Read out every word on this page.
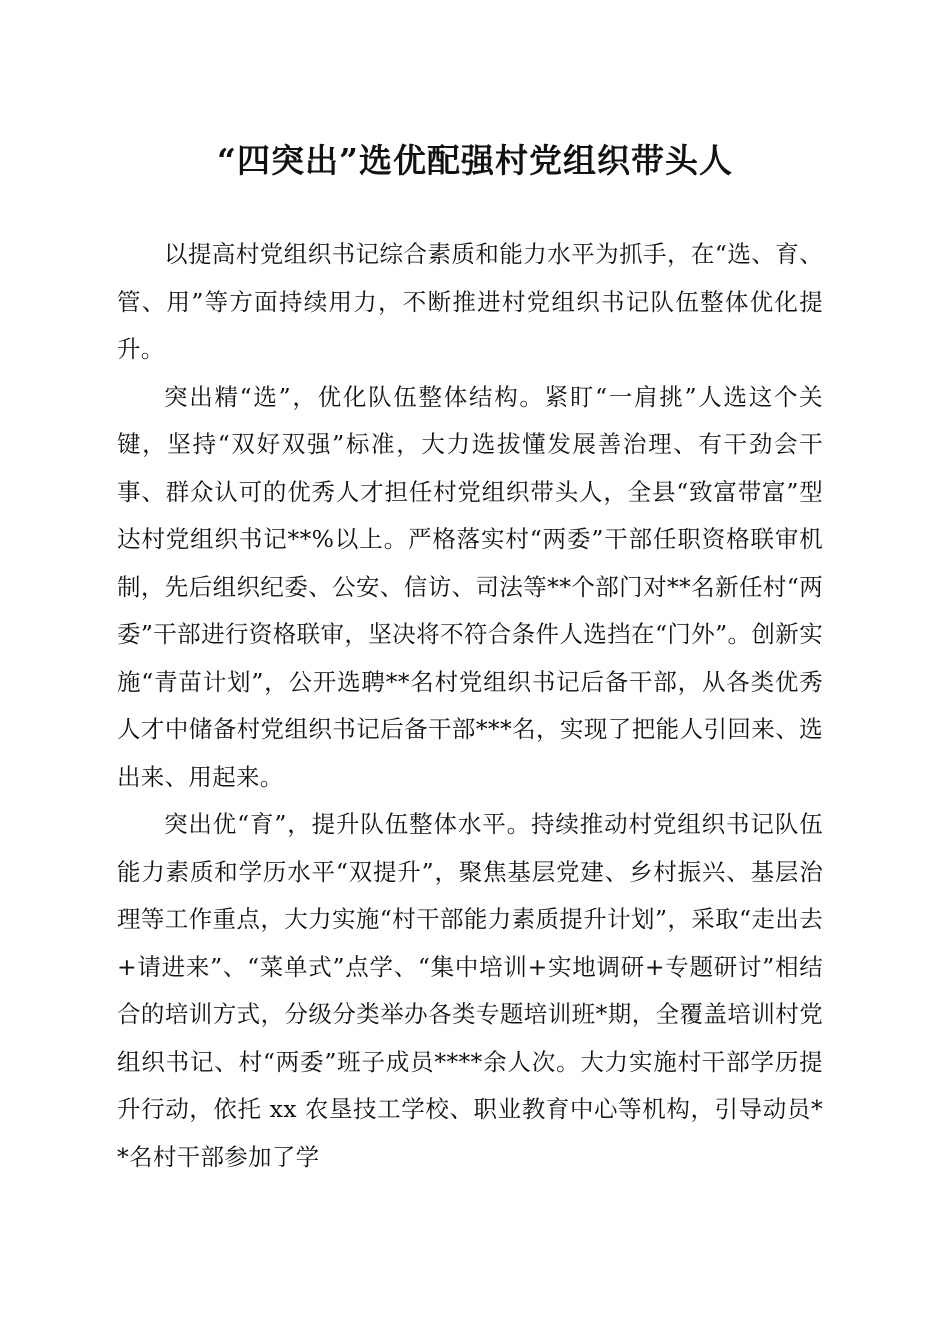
“四突出”选优配强村党组织带头人

以提高村党组织书记综合素质和能力水平为抓手，在“选、育、管、用”等方面持续用力，不断推进村党组织书记队伍整体优化提升。

突出精“选”，优化队伍整体结构。紧盯“一肩挑”人选这个关键，坚持“双好双强”标准，大力选拔懂发展善治理、有干劲会干事、群众认可的优秀人才担任村党组织带头人，全县“致富带富”型达村党组织书记**%以上。严格落实村“两委”干部任职资格联审机制，先后组织纪委、公安、信访、司法等**个部门对**名新任村“两委”干部进行资格联审，坚决将不符合条件人选挡在“门外”。创新实施“青苗计划”，公开选聘**名村党组织书记后备干部，从各类优秀人才中储备村党组织书记后备干部***名，实现了把能人引回来、选出来、用起来。

突出优“育”，提升队伍整体水平。持续推动村党组织书记队伍能力素质和学历水平“双提升”，聚焦基层党建、乡村振兴、基层治理等工作重点，大力实施“村干部能力素质提升计划”，采取“走出去+请进来”、“菜单式”点学、“集中培训+实地调研+专题研讨”相结合的培训方式，分级分类举办各类专题培训班*期，全覆盖培训村党组织书记、村“两委”班子成员****余人次。大力实施村干部学历提升行动，依托 xx 农垦技工学校、职业教育中心等机构，引导动员**名村干部参加了学
